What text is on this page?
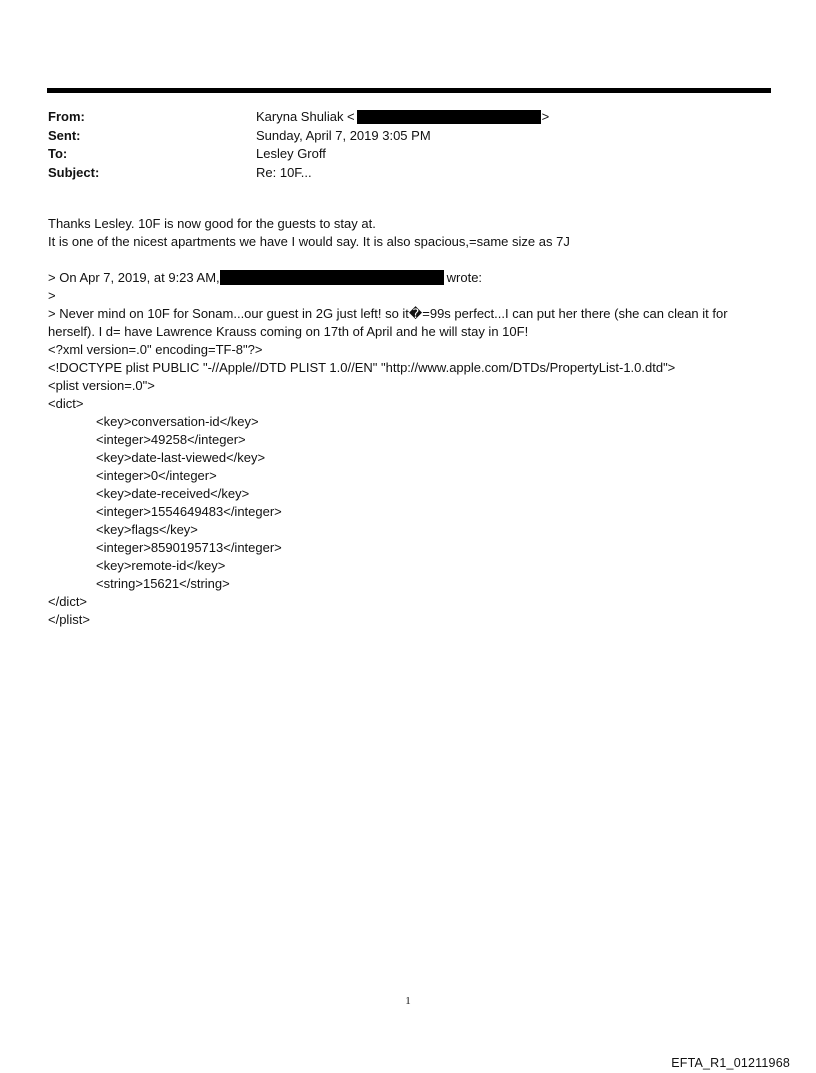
From:	Karyna Shuliak <	>
Sent:	Sunday, April 7, 2019 3:05 PM
To:	Lesley Groff
Subject:	Re: 10F...
Thanks Lesley. 10F is now good for the guests to stay at.
It is one of the nicest apartments we have I would say. It is also spacious,=same size as 7J
> On Apr 7, 2019, at 9:23 AM,	wrote:
>
> Never mind on 10F for Sonam...our guest in 2G just left! so it�=99s perfect...I can put her there (she can clean it for herself). I d= have Lawrence Krauss coming on 17th of April and he will stay in 10F!
<?xml version=.0" encoding=TF-8"?>
<!DOCTYPE plist PUBLIC "-//Apple//DTD PLIST 1.0//EN" "http://www.apple.com/DTDs/PropertyList-1.0.dtd">
<plist version=.0">
<dict>
<key>conversation-id</key>
<integer>49258</integer>
<key>date-last-viewed</key>
<integer>0</integer>
<key>date-received</key>
<integer>1554649483</integer>
<key>flags</key>
<integer>8590195713</integer>
<key>remote-id</key>
<string>15621</string>
</dict>
</plist>
1
EFTA_R1_01211968
